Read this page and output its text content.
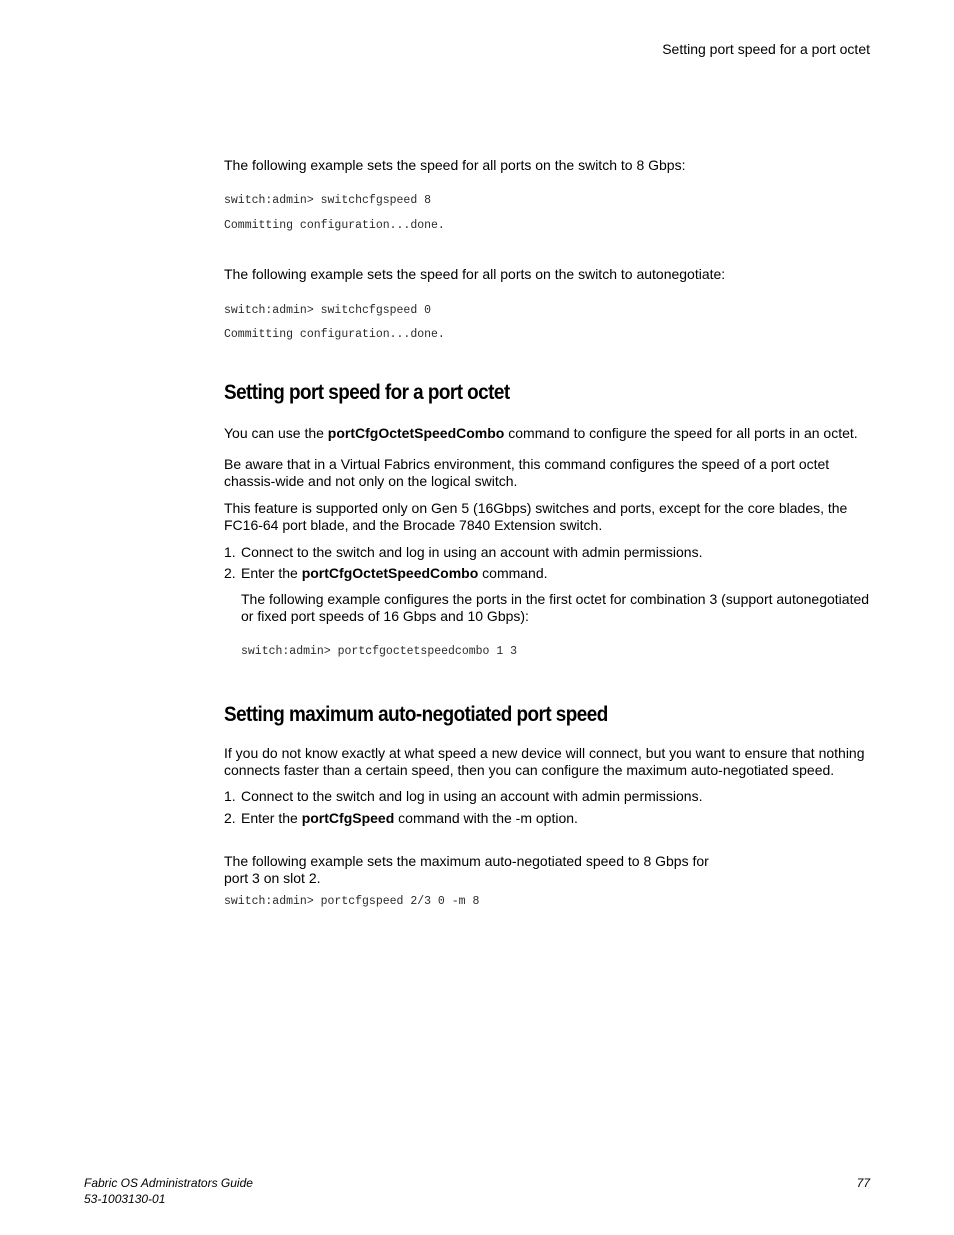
Setting port speed for a port octet
The following example sets the speed for all ports on the switch to 8 Gbps:
switch:admin> switchcfgspeed 8
Committing configuration...done.
The following example sets the speed for all ports on the switch to autonegotiate:
switch:admin> switchcfgspeed 0
Committing configuration...done.
Setting port speed for a port octet
You can use the portCfgOctetSpeedCombo command to configure the speed for all ports in an octet.
Be aware that in a Virtual Fabrics environment, this command configures the speed of a port octet chassis-wide and not only on the logical switch.
This feature is supported only on Gen 5 (16Gbps) switches and ports, except for the core blades, the FC16-64 port blade, and the Brocade 7840 Extension switch.
1. Connect to the switch and log in using an account with admin permissions.
2. Enter the portCfgOctetSpeedCombo command.
The following example configures the ports in the first octet for combination 3 (support autonegotiated or fixed port speeds of 16 Gbps and 10 Gbps):
switch:admin> portcfgoctetspeedcombo 1 3
Setting maximum auto-negotiated port speed
If you do not know exactly at what speed a new device will connect, but you want to ensure that nothing connects faster than a certain speed, then you can configure the maximum auto-negotiated speed.
1. Connect to the switch and log in using an account with admin permissions.
2. Enter the portCfgSpeed command with the -m option.
The following example sets the maximum auto-negotiated speed to 8 Gbps for
port 3 on slot 2.
switch:admin> portcfgspeed 2/3 0 -m 8
Fabric OS Administrators Guide
53-1003130-01
77
